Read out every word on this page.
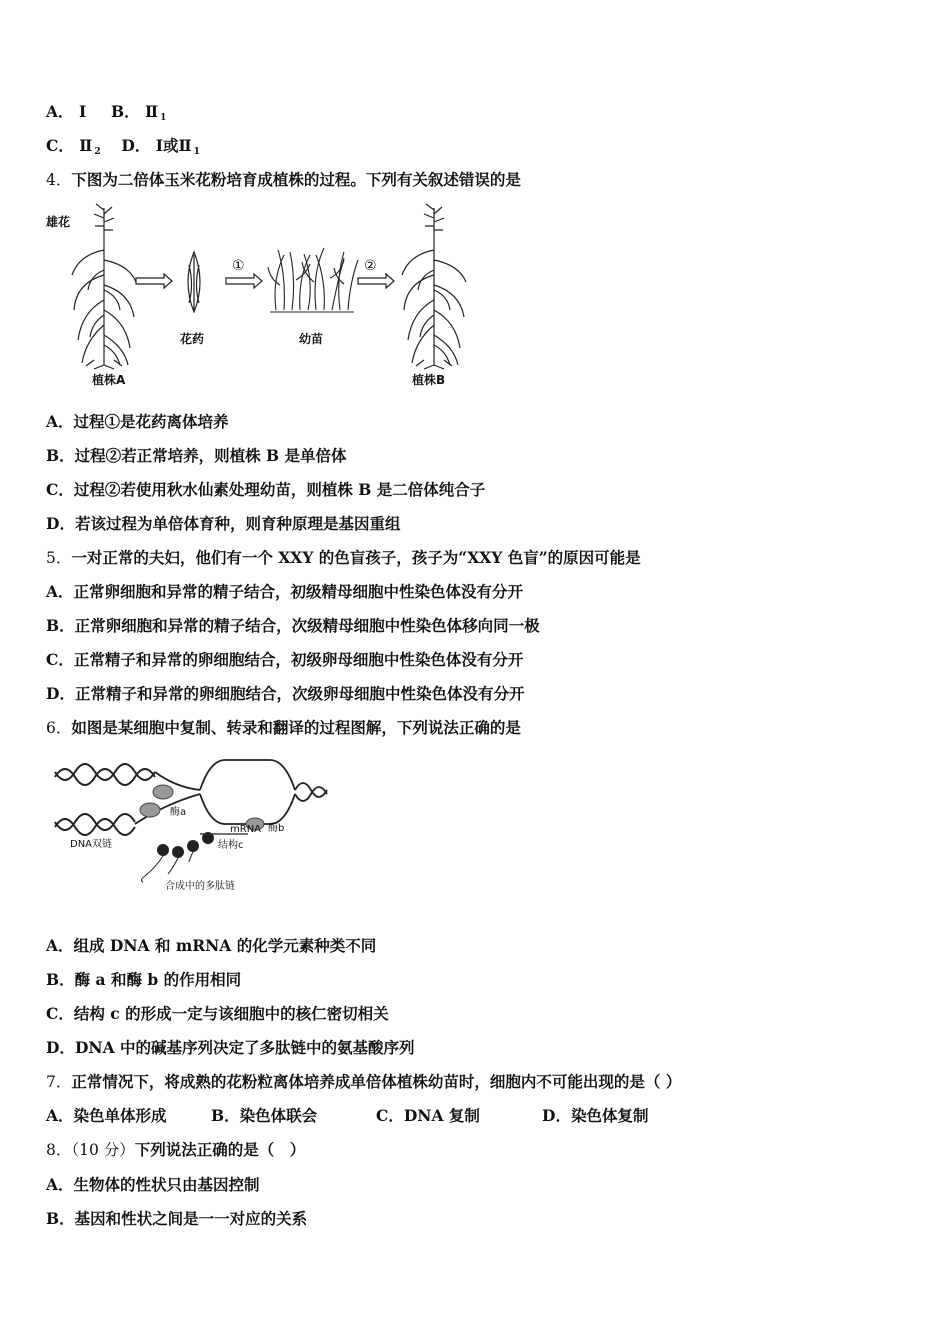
A． Ⅰ B． Ⅱ $_1$
C． Ⅱ $_2$ D． Ⅰ或Ⅱ $_1$
4．下图为二倍体玉米花粉培育成植株的过程。下列有关叙述错误的是
雄花
植株A
花药
①
幼苗
②
植株B
A．过程①是花药离体培养
B．过程②若正常培养，则植株 B 是单倍体
C．过程②若使用秋水仙素处理幼苗，则植株 B 是二倍体纯合子
D．若该过程为单倍体育种，则育种原理是基因重组
5．一对正常的夫妇，他们有一个 XXY 的色盲孩子，孩子为“XXY 色盲”的原因可能是
A．正常卵细胞和异常的精子结合，初级精母细胞中性染色体没有分开
B．正常卵细胞和异常的精子结合，次级精母细胞中性染色体移向同一极
C．正常精子和异常的卵细胞结合，初级卵母细胞中性染色体没有分开
D．正常精子和异常的卵细胞结合，次级卵母细胞中性染色体没有分开
6．如图是某细胞中复制、转录和翻译的过程图解，下列说法正确的是
酶a
酶b
mRNA
结构c
合成中的多肽链
DNA双链
A．组成 DNA 和 mRNA 的化学元素种类不同
B．酶 a 和酶 b 的作用相同
C．结构 c 的形成一定与该细胞中的核仁密切相关
D．DNA 中的碱基序列决定了多肽链中的氨基酸序列
7．正常情况下，将成熟的花粉粒离体培养成单倍体植株幼苗时，细胞内不可能出现的是（ ）
A．染色单体形成	B．染色体联会	C．DNA 复制	D．染色体复制
8．（10 分）下列说法正确的是（　）
A．生物体的性状只由基因控制
B．基因和性状之间是一一对应的关系
